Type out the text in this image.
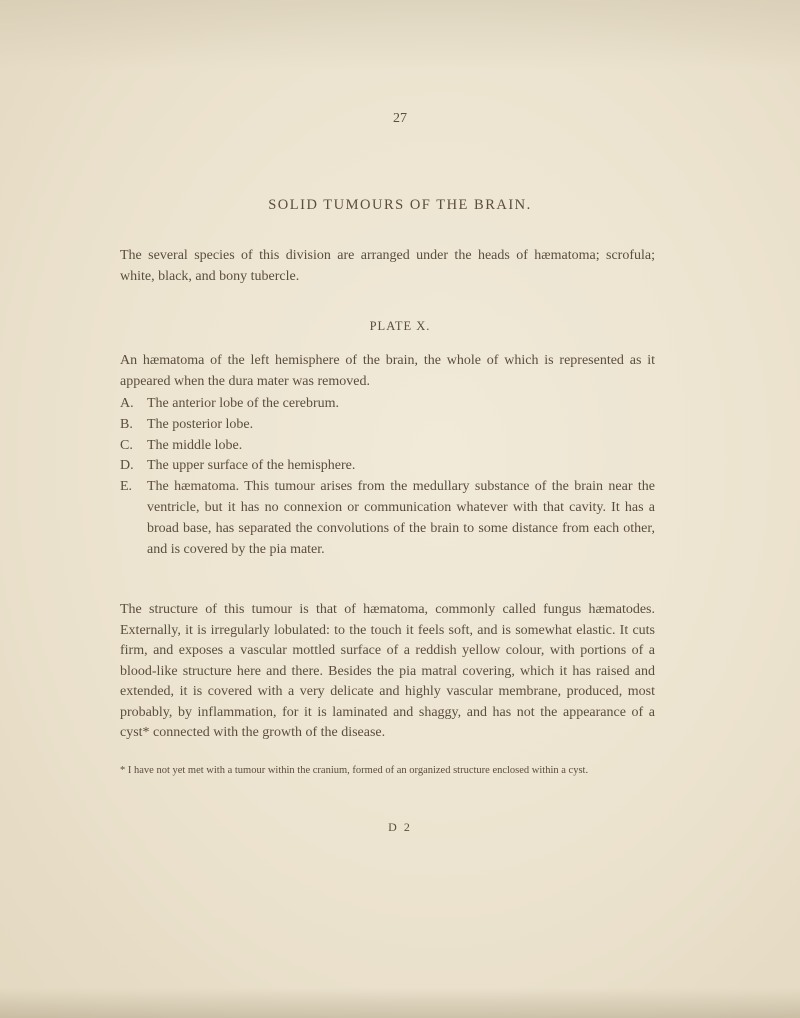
27
SOLID TUMOURS OF THE BRAIN.
The several species of this division are arranged under the heads of hæmatoma; scrofula; white, black, and bony tubercle.
PLATE X.
An hæmatoma of the left hemisphere of the brain, the whole of which is represented as it appeared when the dura mater was removed.
A. The anterior lobe of the cerebrum.
B.	The posterior lobe.
C.	The middle lobe.
D. The upper surface of the hemisphere.
E.	The hæmatoma. This tumour arises from the medullary substance of the brain near the ventricle, but it has no connexion or communication whatever with that cavity. It has a broad base, has separated the convolutions of the brain to some distance from each other, and is covered by the pia mater.
The structure of this tumour is that of hæmatoma, commonly called fungus hæmatodes. Externally, it is irregularly lobulated: to the touch it feels soft, and is somewhat elastic. It cuts firm, and exposes a vascular mottled surface of a reddish yellow colour, with portions of a blood-like structure here and there. Besides the pia matral covering, which it has raised and extended, it is covered with a very delicate and highly vascular membrane, produced, most probably, by inflammation, for it is laminated and shaggy, and has not the appearance of a cyst* connected with the growth of the disease.
* I have not yet met with a tumour within the cranium, formed of an organized structure enclosed within a cyst.
D 2
